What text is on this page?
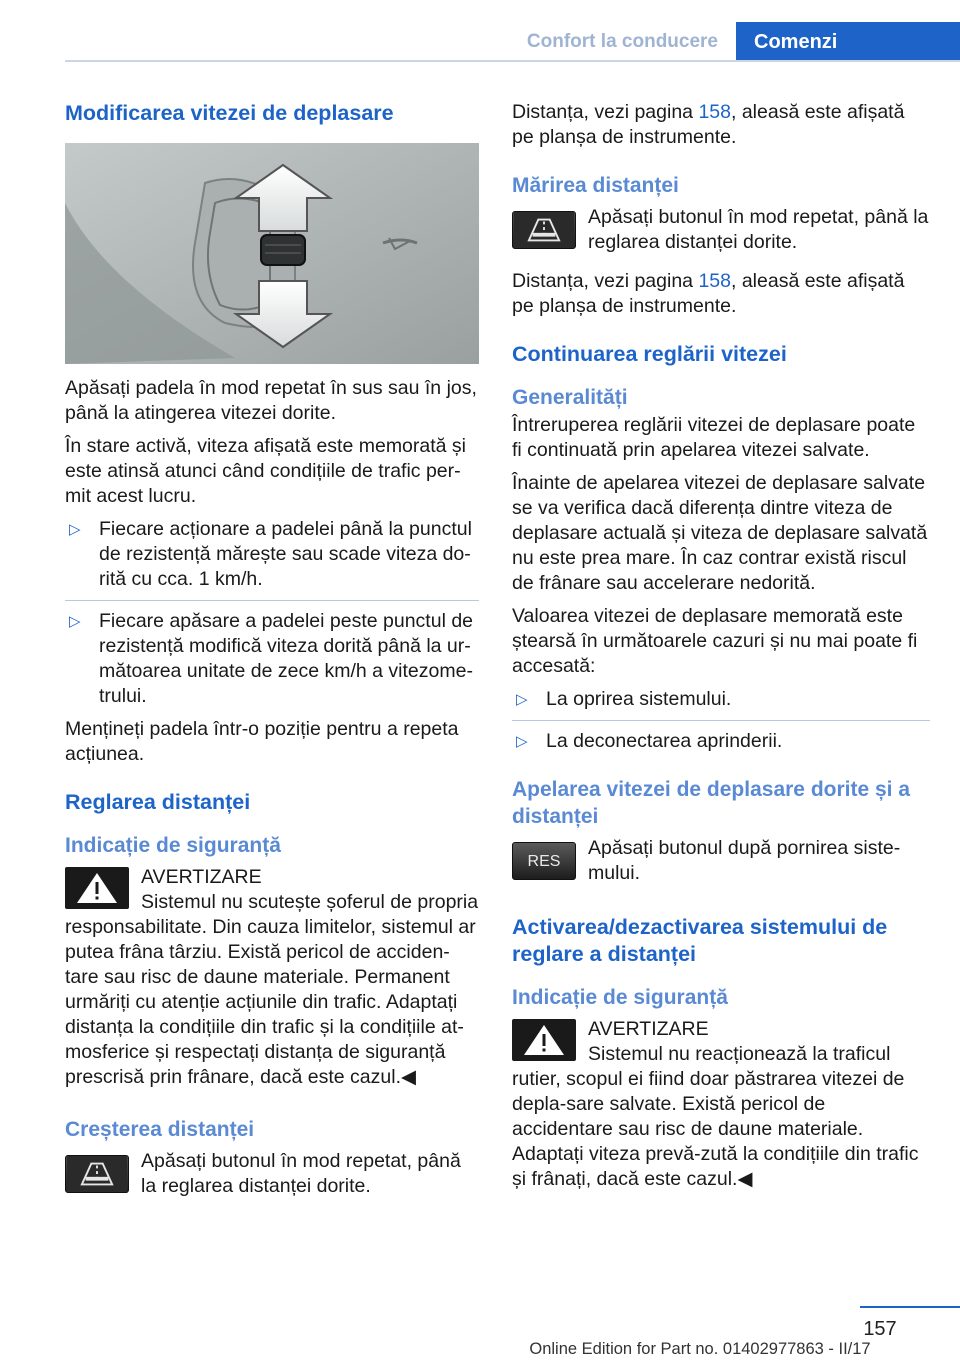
Confort la conducere	Comenzi
Modificarea vitezei de deplasare

Apăsați padela în mod repetat în sus sau în jos, până la atingerea vitezei dorite.

În stare activă, viteza afișată este memorată și este atinsă atunci când condițiile de trafic per‐mit acest lucru.

▷ Fiecare acționare a padelei până la punctul de rezistență mărește sau scade viteza do‐rită cu cca. 1 km/h.
▷ Fiecare apăsare a padelei peste punctul de rezistență modifică viteza dorită până la ur‐mătoarea unitate de zece km/h a vitezome‐trului.

Mențineți padela într-o poziție pentru a repeta acțiunea.

Reglarea distanței
Indicație de siguranță
AVERTIZARE
Sistemul nu scutește șoferul de propria responsabilitate. Din cauza limitelor, sistemul ar putea frâna târziu. Există pericol de acciden‐tare sau risc de daune materiale. Permanent urmăriți cu atenție acțiunile din trafic. Adaptați distanța la condițiile din trafic și la condițiile at‐mosferice și respectați distanța de siguranță prescrisă prin frânare, dacă este cazul.◀
Creșterea distanței
Apăsați butonul în mod repetat, până la reglarea distanței dorite.

Distanța, vezi pagina 158, aleasă este afișată pe planșa de instrumente.

Mărirea distanței
Apăsați butonul în mod repetat, până la reglarea distanței dorite.

Distanța, vezi pagina 158, aleasă este afișată pe planșa de instrumente.

Continuarea reglării vitezei
Generalități

Întreruperea reglării vitezei de deplasare poate fi continuată prin apelarea vitezei salvate.

Înainte de apelarea vitezei de deplasare salvate se va verifica dacă diferența dintre viteza de deplasare actuală și viteza de deplasare salvată nu este prea mare. În caz contrar există riscul de frânare sau accelerare nedorită.

Valoarea vitezei de deplasare memorată este ștearsă în următoarele cazuri și nu mai poate fi accesată:

▷ La oprirea sistemului.
▷ La deconectarea aprinderii.
Apelarea vitezei de deplasare dorite și a distanței
RES
Apăsați butonul după pornirea siste‐mului.
Activarea/dezactivarea sistemului de reglare a distanței
Indicație de siguranță
AVERTIZARE
Sistemul nu reacționează la traficul rutier, scopul ei fiind doar păstrarea vitezei de depla‐sare salvate. Există pericol de accidentare sau risc de daune materiale. Adaptați viteza prevă‐zută la condițiile din trafic și frânați, dacă este cazul.◀
157
Online Edition for Part no. 01402977863 - II/17
